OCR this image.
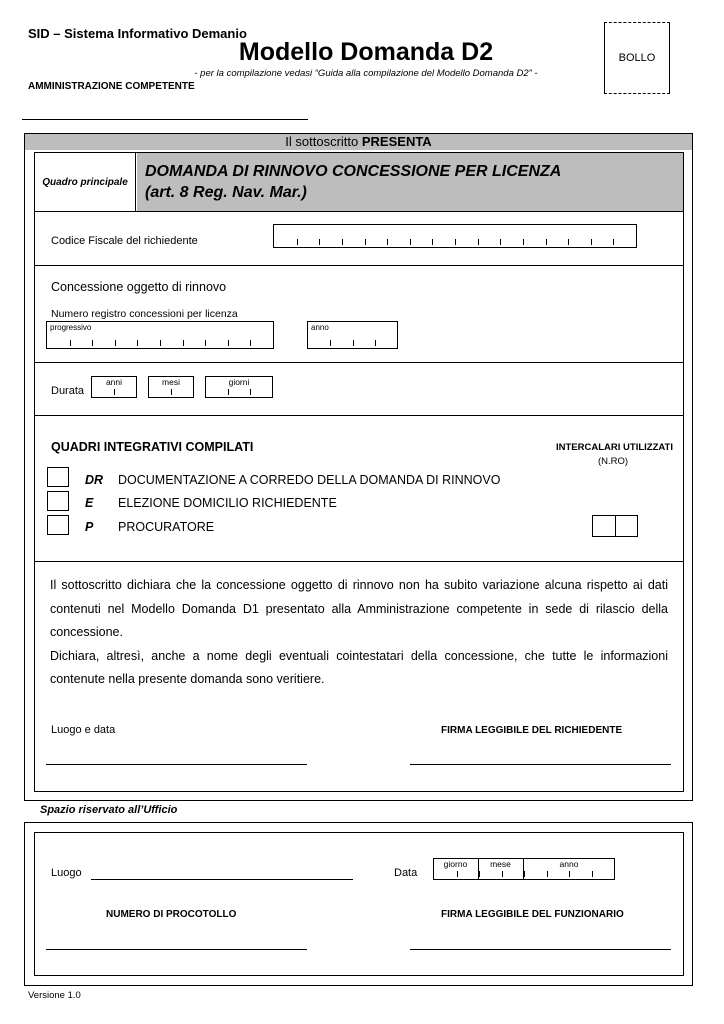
SID – Sistema Informativo Demanio
Modello Domanda D2
- per la compilazione vedasi “Guida alla compilazione del Modello Domanda D2” -
AMMINISTRAZIONE COMPETENTE
BOLLO
Il sottoscritto PRESENTA
Quadro principale
DOMANDA DI RINNOVO CONCESSIONE PER LICENZA
(art. 8 Reg. Nav. Mar.)
Codice Fiscale del richiedente
Concessione oggetto di rinnovo
Numero registro concessioni per licenza
progressivo	anno
Durata
anni	mesi	giorni
QUADRI INTEGRATIVI COMPILATI	INTERCALARI UTILIZZATI
(N.RO)
DR DOCUMENTAZIONE A CORREDO DELLA DOMANDA DI RINNOVO
E ELEZIONE DOMICILIO RICHIEDENTE
P PROCURATORE
Il sottoscritto dichiara che la concessione oggetto di rinnovo non ha subito variazione alcuna rispetto ai dati contenuti nel Modello Domanda D1 presentato alla Amministrazione competente in sede di rilascio della concessione.
Dichiara, altresì, anche a nome degli eventuali cointestatari della concessione, che tutte le informazioni contenute nella presente domanda sono veritiere.
Luogo e data	FIRMA LEGGIBILE DEL RICHIEDENTE
Spazio riservato all’Ufficio
Luogo	Data
giorno	mese	anno
NUMERO DI PROCOTOLLO	FIRMA LEGGIBILE DEL FUNZIONARIO
Versione 1.0
